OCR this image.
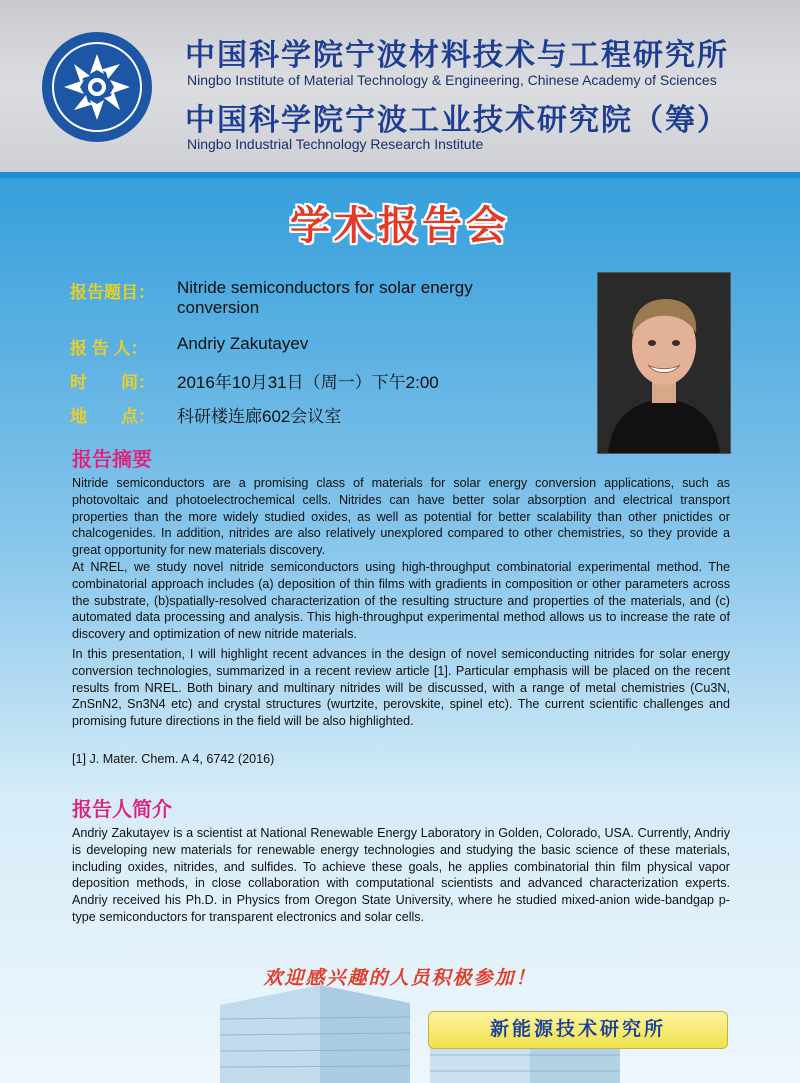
中国科学院宁波材料技术与工程研究所
Ningbo Institute of Material Technology & Engineering, Chinese Academy of Sciences
中国科学院宁波工业技术研究院（筹）
Ningbo Industrial Technology Research Institute
学术报告会
报告题目： Nitride semiconductors for solar energy conversion
报 告 人： Andriy Zakutayev
时　　间： 2016年10月31日（周一）下午2:00
地　　点： 科研楼连廊602会议室
报告摘要

Nitride semiconductors are a promising class of materials for solar energy conversion applications, such as photovoltaic and photoelectrochemical cells. Nitrides can have better solar absorption and electrical transport properties than the more widely studied oxides, as well as potential for better scalability than other pnictides or chalcogenides. In addition, nitrides are also relatively unexplored compared to other chemistries, so they provide a great opportunity for new materials discovery.

At NREL, we study novel nitride semiconductors using high-throughput combinatorial experimental method. The combinatorial approach includes (a) deposition of thin films with gradients in composition or other parameters across the substrate, (b)spatially-resolved characterization of the resulting structure and properties of the materials, and (c) automated data processing and analysis. This high-throughput experimental method allows us to increase the rate of discovery and optimization of new nitride materials.

In this presentation, I will highlight recent advances in the design of novel semiconducting nitrides for solar energy conversion technologies, summarized in a recent review article [1]. Particular emphasis will be placed on the recent results from NREL. Both binary and multinary nitrides will be discussed, with a range of metal chemistries (Cu3N, ZnSnN2, Sn3N4 etc) and crystal structures (wurtzite, perovskite, spinel etc). The current scientific challenges and promising future directions in the field will be also highlighted.

[1] J. Mater. Chem. A 4, 6742 (2016)

报告人简介

Andriy Zakutayev is a scientist at National Renewable Energy Laboratory in Golden, Colorado, USA. Currently, Andriy is developing new materials for renewable energy technologies and studying the basic science of these materials, including oxides, nitrides, and sulfides. To achieve these goals, he applies combinatorial thin film physical vapor deposition methods, in close collaboration with computational scientists and advanced characterization experts. Andriy received his Ph.D. in Physics from Oregon State University, where he studied mixed-anion wide-bandgap p-type semiconductors for transparent electronics and solar cells.

欢迎感兴趣的人员积极参加！
新能源技术研究所
